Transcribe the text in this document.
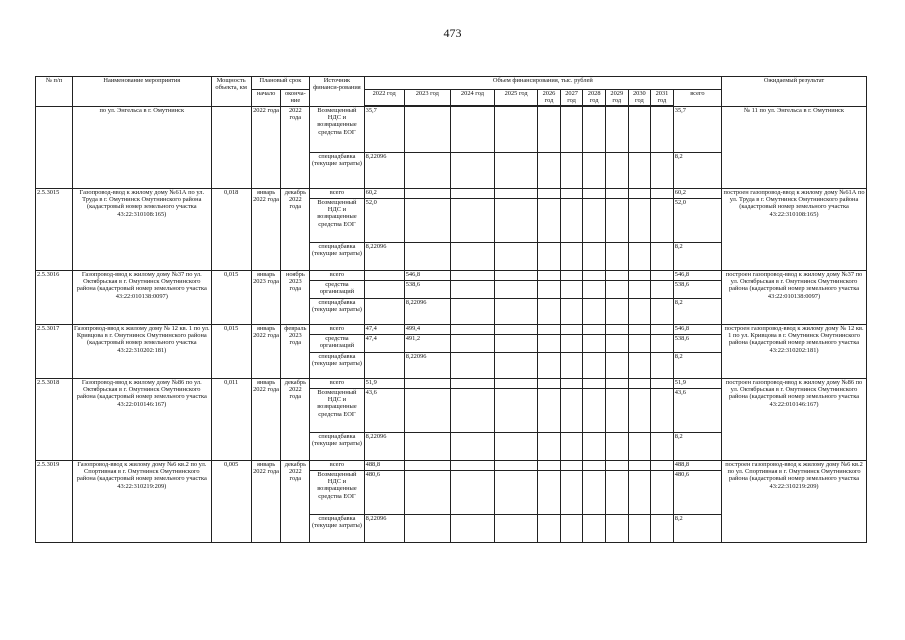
473
№ п/п	Наименование мероприятия	Мощность объекта, км	Плановый срок		Источник финанси-рования	Объем финансирования, тыс. рублей											Ожидаемый результат
			начало	оконча-ние		2022 год	2023 год	2024 год	2025 год	2026 год	2027 год	2028 год	2029 год	2030 год	2031 год	всего	

	по ул. Энгельса в г. Омутнинск		2022 года	2022 года	Возмещенный НДС и возвращенные средства ЕОГ	35,7										35,7	№ 11 по ул. Энгельса в г. Омутнинск
					спецнадбавка (текущие затраты)	8,22096										8,2	
2.5.3015	Газопровод-ввод к жилому дому №61А по ул. Труда в г. Омутнинск Омутнинского района (кадастровый номер земельного участка 43:22:310108:165)	0,018	январь 2022 года	декабрь 2022 года	всего	60,2										60,2	построен газопровод-ввод к жилому дому №61А по ул. Труда в г. Омутнинск Омутнинского района (кадастровый номер земельного участка 43:22:310108:165)
					Возмещенный НДС и возвращенные средства ЕОГ	52,0										52,0	
					спецнадбавка (текущие затраты)	8,22096										8,2	
2.5.3016	Газопровод-ввод к жилому дому №37 по ул. Октябрьская в г. Омутнинск Омутнинского района (кадастровый номер земельного участка 43:22:010138:0097)	0,015	январь 2023 года	ноябрь 2023 года	всего		546,8									546,8	построен газопровод-ввод к жилому дому №37 по ул. Октябрьская в г. Омутнинск Омутнинского района (кадастровый номер земельного участка 43:22:010138:0097)
					средства организаций		538,6									538,6	
					спецнадбавка (текущие затраты)		8,22096									8,2	
2.5.3017	Газопровод-ввод к жилому дому № 12 кв. 1 по ул. Кривцова в г. Омутнинск Омутнинского района (кадастровый номер земельного участка 43:22:310202:181)	0,015	январь 2022 года	февраль 2023 года	всего	47,4	499,4									546,8	построен газопровод-ввод к жилому дому № 12 кв. 1 по ул. Кривцова в г. Омутнинск Омутнинского района (кадастровый номер земельного участка 43:22:310202:181)
					средства организаций	47,4	491,2									538,6	
					спецнадбавка (текущие затраты)		8,22096									8,2	
2.5.3018	Газопровод-ввод к жилому дому №86 по ул. Октябрьская в г. Омутнинск Омутнинского района (кадастровый номер земельного участка 43:22:010146:167)	0,011	январь 2022 года	декабрь 2022 года	всего	51,9										51,9	построен газопровод-ввод к жилому дому №86 по ул. Октябрьская в г. Омутнинск Омутнинского района (кадастровый номер земельного участка 43:22:010146:167)
					Возмещенный НДС и возвращенные средства ЕОГ	43,6										43,6	
					спецнадбавка (текущие затраты)	8,22096										8,2	
2.5.3019	Газопровод-ввод к жилому дому №6 кв.2 по ул. Спортивная в г. Омутнинск Омутнинского района (кадастровый номер земельного участка 43:22:310219:209)	0,005	январь 2022 года	декабрь 2022 года	всего	488,8										488,8	построен газопровод-ввод к жилому дому №6 кв.2 по ул. Спортивная в г. Омутнинск Омутнинского района (кадастровый номер земельного участка 43:22:310219:209)
					Возмещенный НДС и возвращенные средства ЕОГ	480,6										480,6	
					спецнадбавка (текущие затраты)	8,22096										8,2	
